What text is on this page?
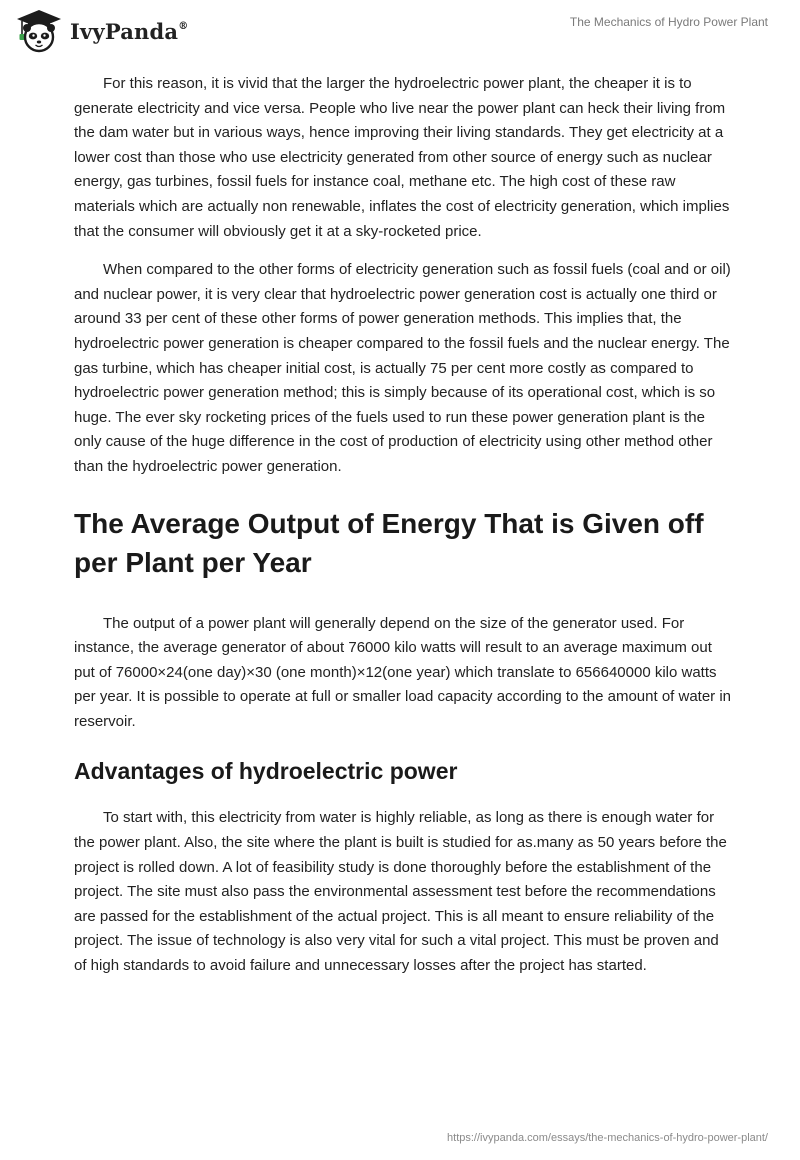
IvyPanda®	The Mechanics of Hydro Power Plant

For this reason, it is vivid that the larger the hydroelectric power plant, the cheaper it is to generate electricity and vice versa. People who live near the power plant can heck their living from the dam water but in various ways, hence improving their living standards. They get electricity at a lower cost than those who use electricity generated from other source of energy such as nuclear energy, gas turbines, fossil fuels for instance coal, methane etc. The high cost of these raw materials which are actually non renewable, inflates the cost of electricity generation, which implies that the consumer will obviously get it at a sky-rocketed price.

When compared to the other forms of electricity generation such as fossil fuels (coal and or oil) and nuclear power, it is very clear that hydroelectric power generation cost is actually one third or around 33 per cent of these other forms of power generation methods. This implies that, the hydroelectric power generation is cheaper compared to the fossil fuels and the nuclear energy. The gas turbine, which has cheaper initial cost, is actually 75 per cent more costly as compared to hydroelectric power generation method; this is simply because of its operational cost, which is so huge. The ever sky rocketing prices of the fuels used to run these power generation plant is the only cause of the huge difference in the cost of production of electricity using other method other than the hydroelectric power generation.

The Average Output of Energy That is Given off per Plant per Year

The output of a power plant will generally depend on the size of the generator used. For instance, the average generator of about 76000 kilo watts will result to an average maximum out put of 76000×24(one day)×30 (one month)×12(one year) which translate to 656640000 kilo watts per year. It is possible to operate at full or smaller load capacity according to the amount of water in reservoir.

Advantages of hydroelectric power

To start with, this electricity from water is highly reliable, as long as there is enough water for the power plant. Also, the site where the plant is built is studied for as.many as 50 years before the project is rolled down. A lot of feasibility study is done thoroughly before the establishment of the project. The site must also pass the environmental assessment test before the recommendations are passed for the establishment of the actual project. This is all meant to ensure reliability of the project. The issue of technology is also very vital for such a vital project. This must be proven and of high standards to avoid failure and unnecessary losses after the project has started.

https://ivypanda.com/essays/the-mechanics-of-hydro-power-plant/
